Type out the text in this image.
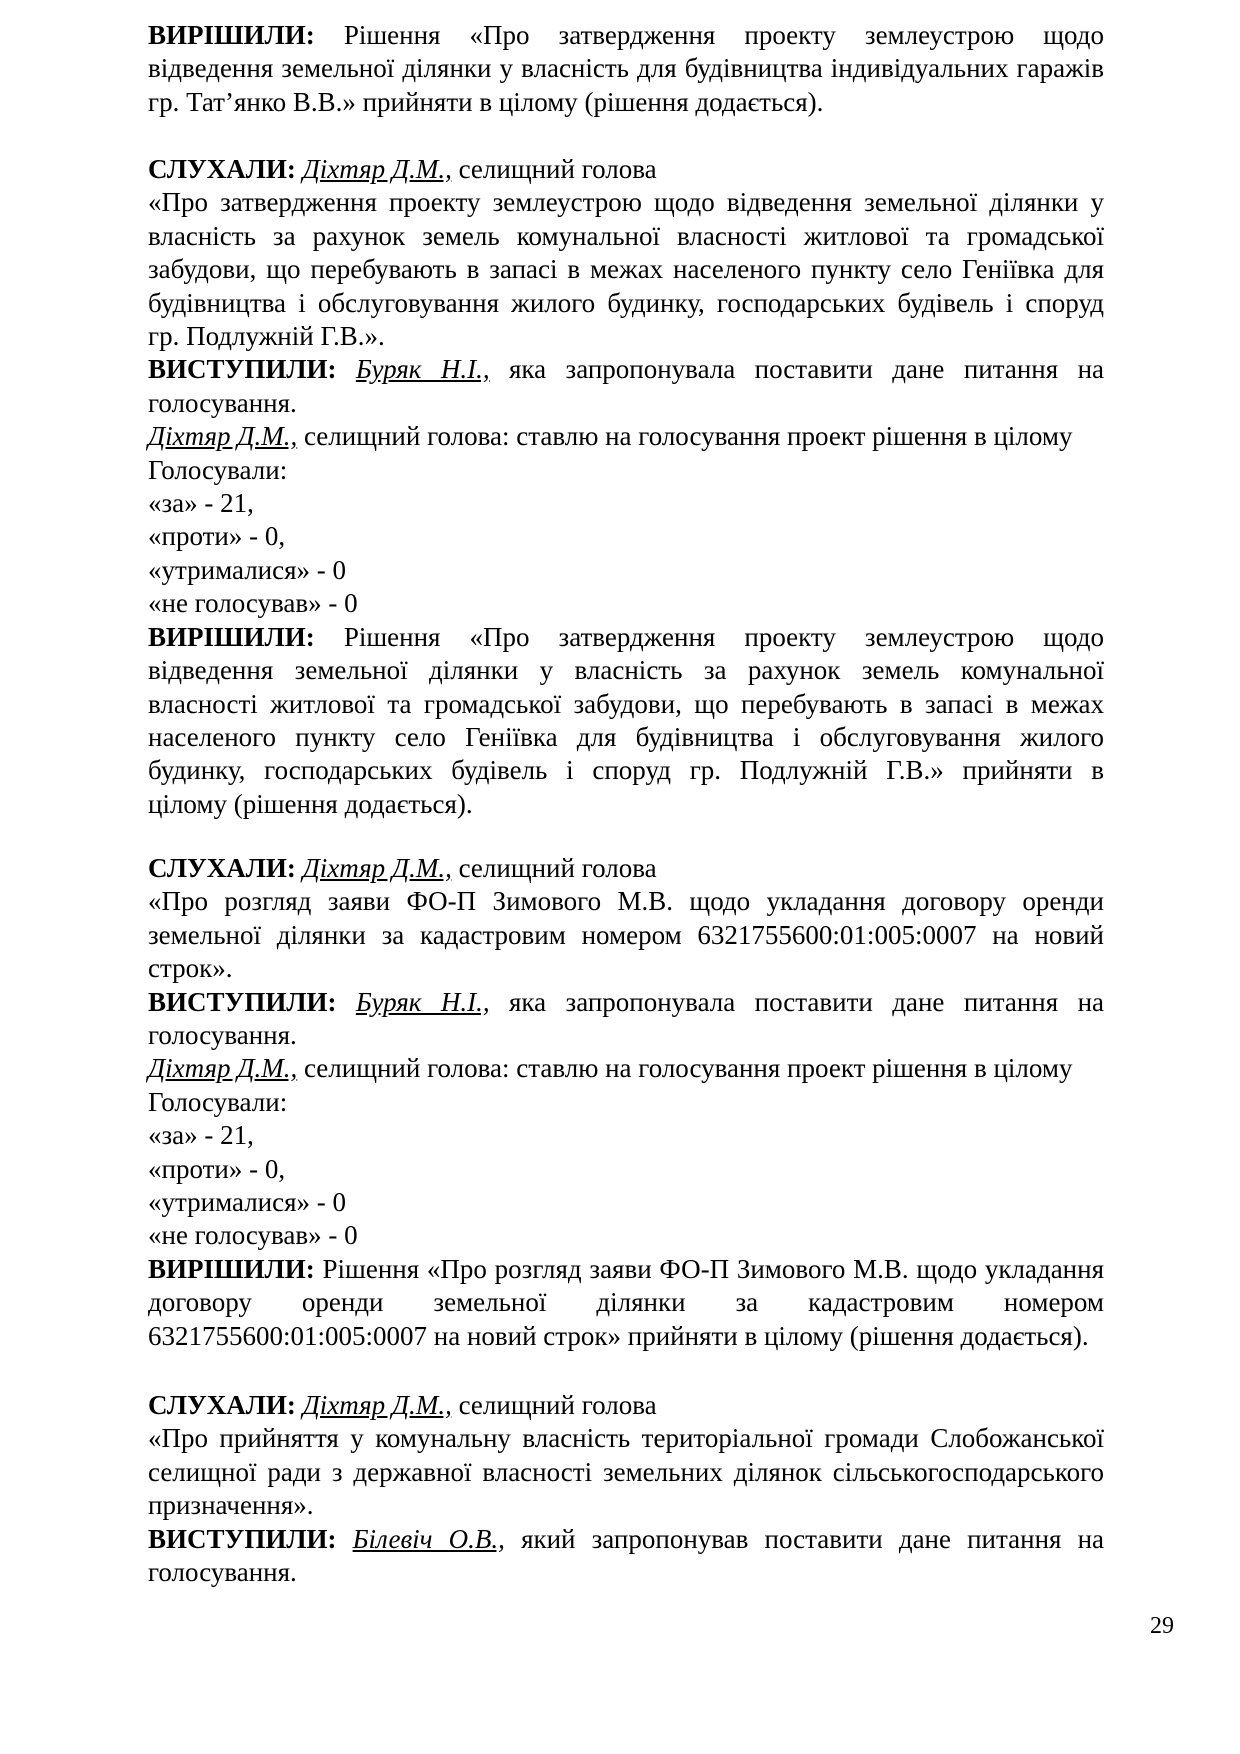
ВИРІШИЛИ: Рішення «Про затвердження проекту землеустрою щодо

відведення земельної ділянки у власність для будівництва індивідуальних гаражів

гр. Тат’янко В.В.» прийняти в цілому (рішення додається).

СЛУХАЛИ: Діхтяр Д.М., селищний голова

«Про затвердження проекту землеустрою щодо відведення земельної ділянки у

власність за рахунок земель комунальної власності житлової та громадської

забудови, що перебувають в запасі в межах населеного пункту село Геніївка для

будівництва і обслуговування жилого будинку, господарських будівель і споруд

гр. Подлужній Г.В.».

ВИСТУПИЛИ: Буряк Н.І., яка запропонувала поставити дане питання на

голосування.

Діхтяр Д.М., селищний голова: ставлю на голосування проект рішення в цілому

Голосували:

«за» - 21,

«проти» - 0,

«утрималися» - 0

«не голосував» - 0

ВИРІШИЛИ: Рішення «Про затвердження проекту землеустрою щодо

відведення земельної ділянки у власність за рахунок земель комунальної

власності житлової та громадської забудови, що перебувають в запасі в межах

населеного пункту село Геніївка для будівництва і обслуговування жилого

будинку, господарських будівель і споруд гр. Подлужній Г.В.» прийняти в

цілому (рішення додається).

СЛУХАЛИ: Діхтяр Д.М., селищний голова

«Про розгляд заяви ФО-П Зимового М.В. щодо укладання договору оренди

земельної ділянки за кадастровим номером 6321755600:01:005:0007 на новий

строк».

ВИСТУПИЛИ: Буряк Н.І., яка запропонувала поставити дане питання на

голосування.

Діхтяр Д.М., селищний голова: ставлю на голосування проект рішення в цілому

Голосували:

«за» - 21,

«проти» - 0,

«утрималися» - 0

«не голосував» - 0

ВИРІШИЛИ: Рішення «Про розгляд заяви ФО-П Зимового М.В. щодо укладання

договору оренди земельної ділянки за кадастровим номером

6321755600:01:005:0007 на новий строк» прийняти в цілому (рішення додається).

СЛУХАЛИ: Діхтяр Д.М., селищний голова

«Про прийняття у комунальну власність територіальної громади Слобожанської

селищної ради з державної власності земельних ділянок сільськогосподарського

призначення».

ВИСТУПИЛИ: Білевіч О.В., який запропонував поставити дане питання на

голосування.

29
